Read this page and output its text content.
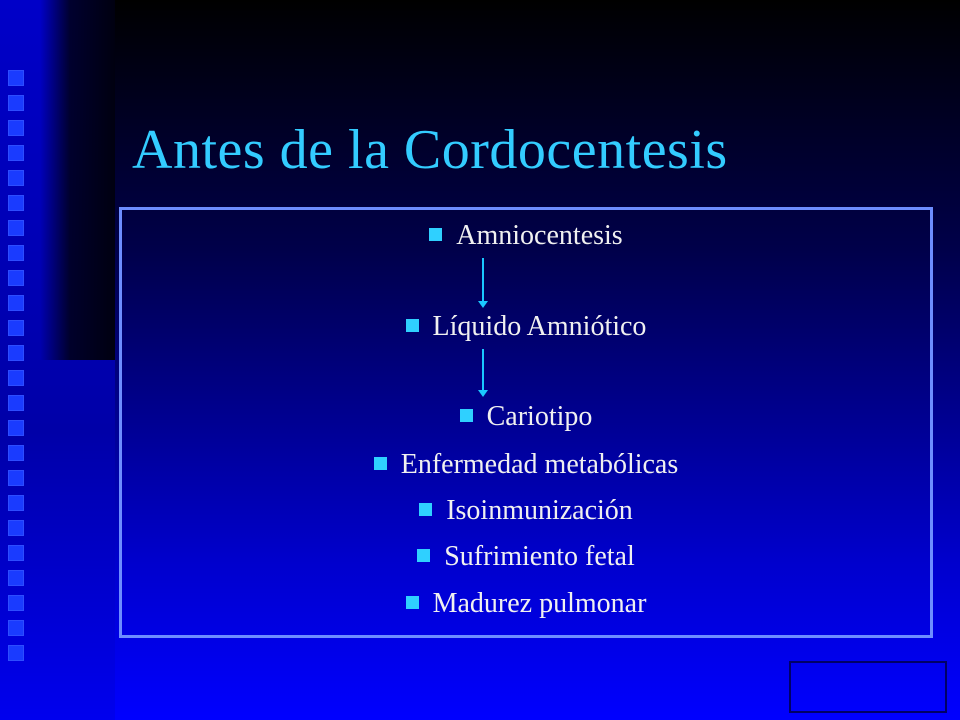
Antes de la Cordocentesis
Amniocentesis
Líquido Amniótico
Cariotipo
Enfermedad metabólicas
Isoinmunización
Sufrimiento fetal
Madurez pulmonar
